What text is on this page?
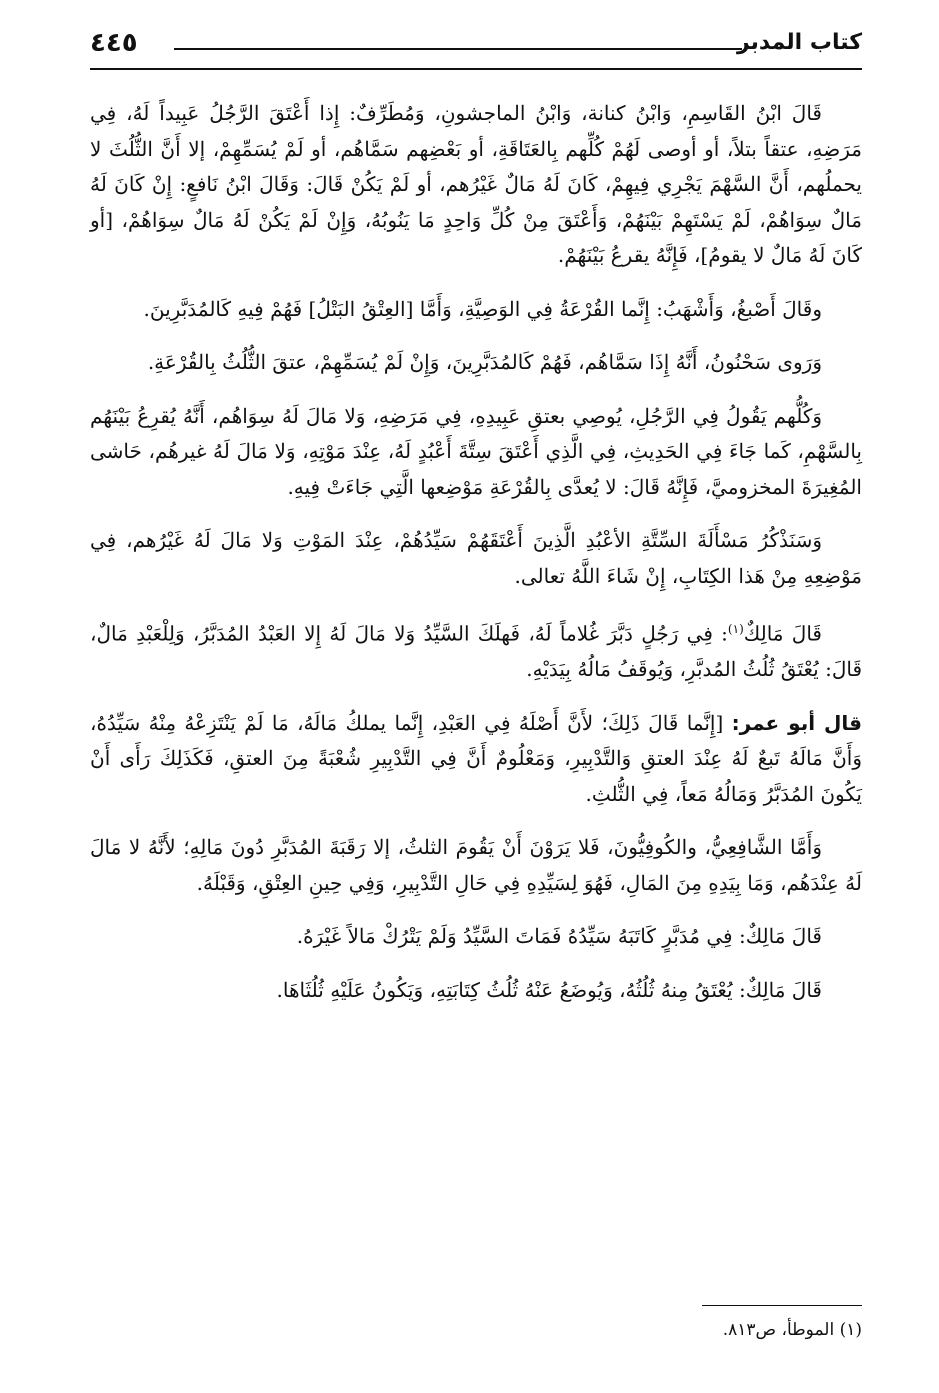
كتاب المدبر
٤٤٥

قَالَ ابْنُ القَاسِمِ، وَابْنُ كنانة، وَابْنُ الماجشونِ، وَمُطَرِّفٌ: إِذا أَعْتَقَ الرَّجُلُ عَبِيداً لَهُ، فِي مَرَضِهِ، عتقاً بتلاً، أو أوصى لَهُمْ كُلِّهم بِالعَتَاقَةِ، أو بَعْضِهم سَمَّاهُم، أو لَمْ يُسَمِّهِمْ، إلا أَنَّ الثُّلُثَ لا يحملُهم، أَنَّ السَّهْمَ يَجْرِي فِيهِمْ، كَانَ لَهُ مَالٌ غَيْرُهم، أو لَمْ يَكُنْ قَالَ: وَقَالَ ابْنُ نَافعٍ: إِنْ كَانَ لَهُ مَالٌ سِوَاهُمْ، لَمْ يَسْتَهِمْ بَيْنَهُمْ، وَأَعْتَقَ مِنْ كُلِّ وَاحِدٍ مَا يَنُوبُهُ، وَإِنْ لَمْ يَكُنْ لَهُ مَالٌ سِوَاهُمْ، [أو كَانَ لَهُ مَالٌ لا يقومُ]، فَإِنَّهُ يقرعُ بَيْنَهُمْ.

وقَالَ أَصْبغُ، وَأَشْهَبُ: إِنَّما القُرْعَةُ فِي الوَصِيَّةِ، وَأَمَّا [العِتْقُ البَتْلُ] فَهُمْ فِيهِ كَالمُدَبَّرِينَ.

وَرَوى سَحْنُونُ، أَنَّهُ إِذَا سَمَّاهُم، فَهُمْ كَالمُدَبَّرِينَ، وَإِنْ لَمْ يُسَمِّهِمْ، عتقَ الثُّلُثُ بِالقُرْعَةِ.

وَكُلُّهم يَقُولُ فِي الرَّجُلِ، يُوصِي بعتقِ عَبِيدِهِ، فِي مَرَضِهِ، وَلا مَالَ لَهُ سِوَاهُم، أَنَّهُ يُقرِعُ بَيْنَهُم بِالسَّهْمِ، كَما جَاءَ فِي الحَدِيثِ، فِي الَّذِي أَعْتَقَ سِتَّةَ أَعْبُدٍ لَهُ، عِنْدَ مَوْتِهِ، وَلا مَالَ لَهُ غيرهُم، حَاشى المُغِيرَةَ المخزوميَّ، فَإِنَّهُ قَالَ: لا يُعدَّى بِالقُرْعَةِ مَوْضِعها الَّتِي جَاءَتْ فِيهِ.

وَسَنَذْكُرُ مَسْأَلَةَ السِّتَّةِ الأعْبُدِ الَّذِينَ أَعْتَقَهُمْ سَيِّدُهُمْ، عِنْدَ المَوْتِ وَلا مَالَ لَهُ غَيْرُهم، فِي مَوْضِعِهِ مِنْ هَذا الكِتَابِ، إِنْ شَاءَ اللَّهُ تعالى.

قَالَ مَالِكٌ$^{(١)}$: فِي رَجُلٍ دَبَّرَ غُلاماً لَهُ، فَهلَكَ السَّيِّدُ وَلا مَالَ لَهُ إِلا العَبْدُ المُدَبَّرُ، وَلِلْعَبْدِ مَالٌ، قَالَ: يُعْتَقُ ثُلُثُ المُدبَّرِ، وَيُوقَفُ مَالُهُ بِيَدَيْهِ.

قال أبو عمر: [إِنَّما قَالَ ذَلِكَ؛ لأَنَّ أَصْلَهُ فِي العَبْدِ، إِنَّما يملكُ مَالَهُ، مَا لَمْ يَنْتَزِعْهُ مِنْهُ سَيِّدُهُ، وَأَنَّ مَالَهُ تَبعٌ لَهُ عِنْدَ العتقِ وَالتَّدْبِيرِ، وَمَعْلُومٌ أَنَّ فِي التَّدْبِيرِ شُعْبَةً مِنَ العتقِ، فَكَذَلِكَ رَأَى أَنْ يَكُونَ المُدَبَّرُ وَمَالُهُ مَعاً، فِي الثُّلثِ.

وَأَمَّا الشَّافِعِيُّ، والكُوفِيُّونَ، فَلا يَرَوْنَ أَنْ يَقُومَ الثلثُ، إلا رَقَبَةَ المُدَبَّرِ دُونَ مَالِهِ؛ لأَنَّهُ لا مَالَ لَهُ عِنْدَهُم، وَمَا بِيَدِهِ مِنَ المَالِ، فَهُوَ لِسَيِّدِهِ فِي حَالِ التَّدْبِيرِ، وَفِي حِينِ العِتْقِ، وَقَبْلَهُ.

قَالَ مَالِكٌ: فِي مُدَبَّرٍ كَاتَبَهُ سَيِّدُهُ فَمَاتَ السَّيِّدُ وَلَمْ يَتْرُكْ مَالاً غَيْرَهُ.

قَالَ مَالِكٌ: يُعْتَقُ مِنهُ ثُلُثُهُ، وَيُوضَعُ عَنْهُ ثُلُثُ كِتَابَتِهِ، وَيَكُونُ عَلَيْهِ ثُلُثَاهَا.

(١) الموطأ، ص٨١٣.
